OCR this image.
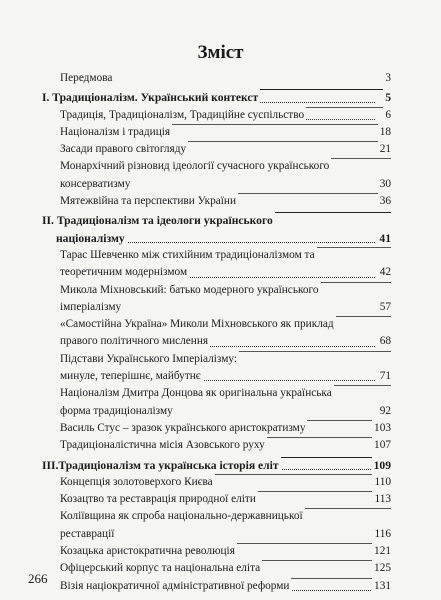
Зміст
Передмова	3
I. Традиціоналізм. Український контекст	5
Традиція, Традиціоналізм, Традиційне суспільство	6
Націоналізм і традиція	18
Засади правого світогляду	21
Монархічний різновид ідеології сучасного українського
консерватизму	30
Мятежвійна та перспективи України	36
II. Традиціоналізм та ідеологи українського
націоналізму	41
Тарас Шевченко між стихійним традиціоналізмом та
теоретичним модернізмом	42
Микола Міхновський: батько модерного українського
імперіалізму	57
«Самостійна Україна» Миколи Міхновського як приклад
правого політичного мислення	68
Підстави Українського Імперіалізму:
минуле, теперішнє, майбутнє	71
Націоналізм Дмитра Донцова як оригінальна українська
форма традиціоналізму	92
Василь Стус – зразок українського аристократизму	103
Традиціоналістична місія Азовського руху	107
III.Традиціоналізм та українська історія еліт	109
Концепція золотоверхого Києва	110
Козацтво та реставрація природної еліти	113
Коліївщина як спроба національно-державницької
реставрації	116
Козацька аристократична революція	121
Офіцерський корпус та національна еліта	125
Візія націократичної адміністративної реформи	131
266
